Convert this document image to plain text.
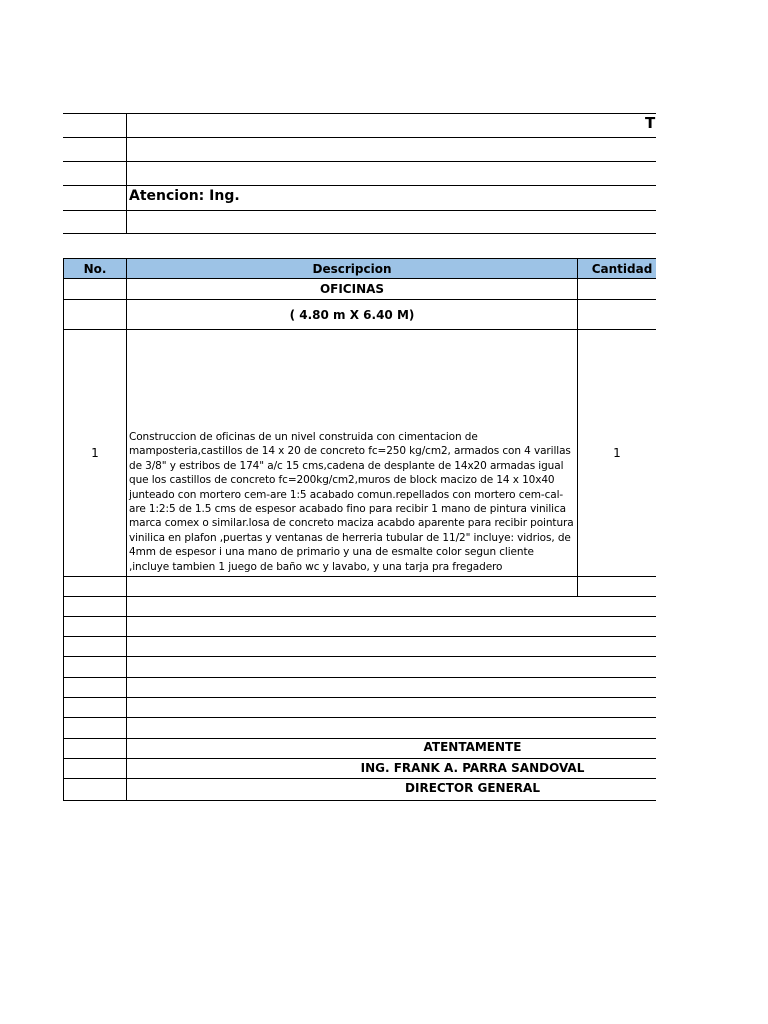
T
Atencion: Ing.
No.	Descripcion	Cantidad
OFICINAS
( 4.80 m X 6.40 M)
1
Construccion de oficinas de un nivel construida con cimentacion de mamposteria,castillos de 14 x 20 de concreto fc=250 kg/cm2, armados con 4 varillas de 3/8" y estribos de 174" a/c 15 cms,cadena de desplante de 14x20 armadas igual que los castillos de concreto fc=200kg/cm2,muros de block macizo de 14 x 10x40 junteado con mortero cem-are 1:5 acabado comun.repellados con mortero cem-cal-are 1:2:5 de 1.5 cms de espesor acabado fino para recibir 1 mano de pintura vinilica marca comex o similar.losa de concreto maciza acabdo aparente para recibir pointura vinilica en plafon ,puertas y ventanas de herreria tubular de 11/2" incluye: vidrios, de 4mm de espesor i una mano de primario y una de esmalte color segun cliente ,incluye tambien 1 juego de baño wc y lavabo, y una tarja pra fregadero
1
ATENTAMENTE
ING. FRANK A. PARRA SANDOVAL
DIRECTOR GENERAL
